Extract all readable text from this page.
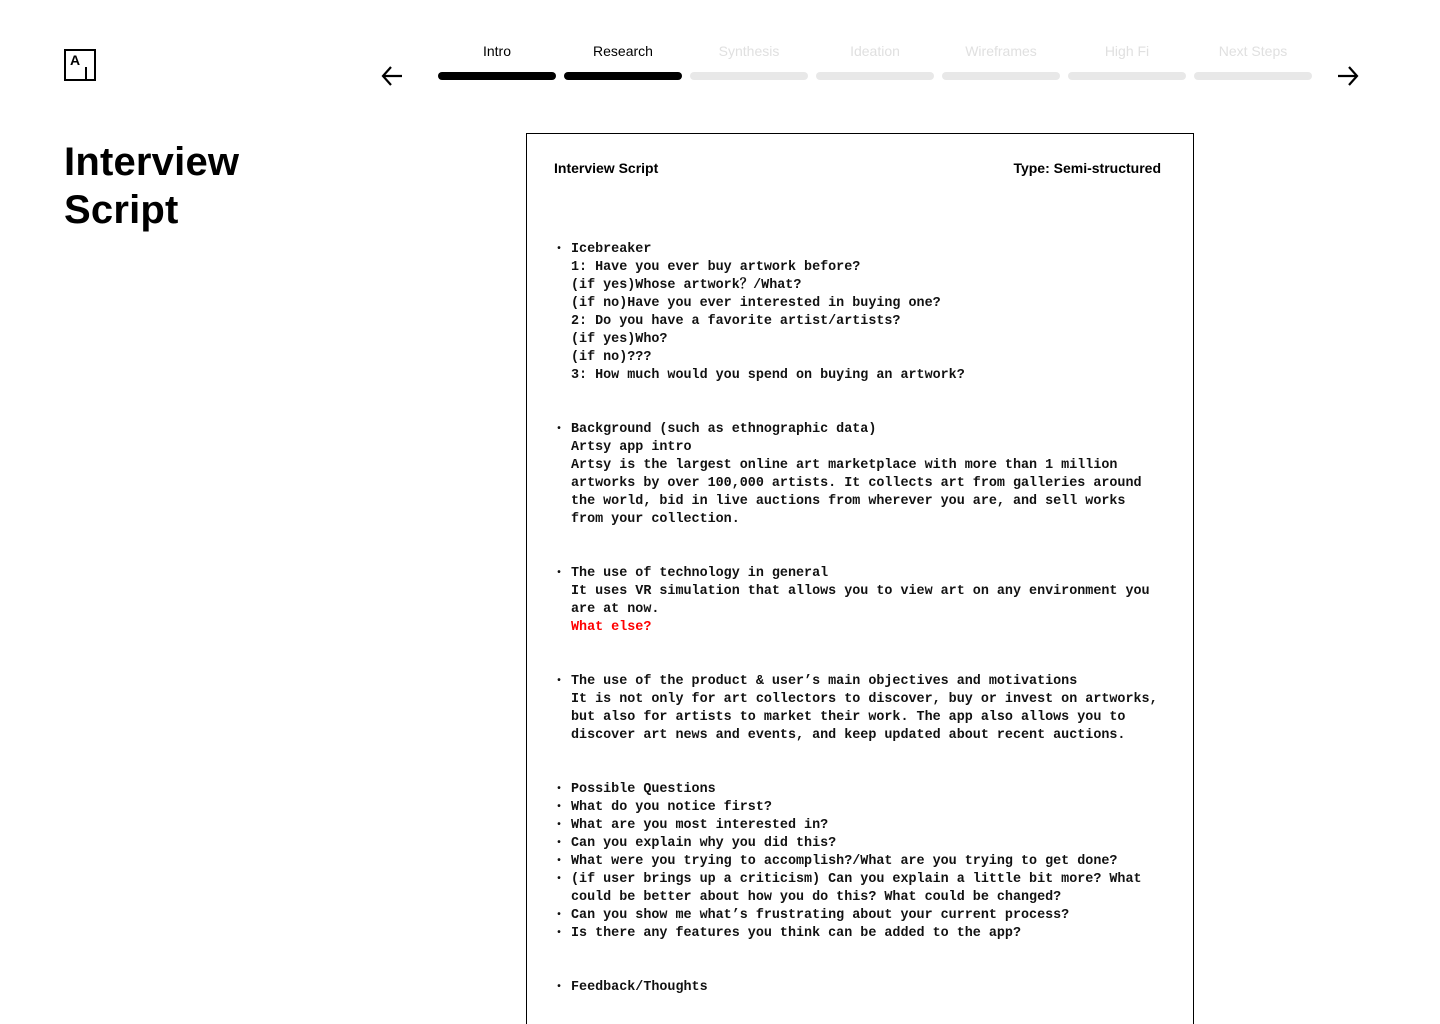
A
Intro	Research	Synthesis	Ideation	Wireframes	High Fi	Next Steps
Interview
Script
Interview Script	Type: Semi-structured

• Icebreaker

1: Have you ever buy artwork before?

(if yes)Whose artwork？/What?

(if no)Have you ever interested in buying one?

2: Do you have a favorite artist/artists?

(if yes)Who?

(if no)???

3: How much would you spend on buying an artwork?

• Background (such as ethnographic data)

Artsy app intro

Artsy is the largest online art marketplace with more than 1 million

artworks by over 100,000 artists. It collects art from galleries around

the world, bid in live auctions from wherever you are, and sell works

from your collection.

• The use of technology in general

It uses VR simulation that allows you to view art on any environment you

are at now.

What else?

• The use of the product & user’s main objectives and motivations

It is not only for art collectors to discover, buy or invest on artworks,

but also for artists to market their work. The app also allows you to

discover art news and events, and keep updated about recent auctions.

• Possible Questions

• What do you notice first?

• What are you most interested in?

• Can you explain why you did this?

• What were you trying to accomplish?/What are you trying to get done?

• (if user brings up a criticism) Can you explain a little bit more? What

could be better about how you do this? What could be changed?

• Can you show me what’s frustrating about your current process?

• Is there any features you think can be added to the app?

• Feedback/Thoughts
